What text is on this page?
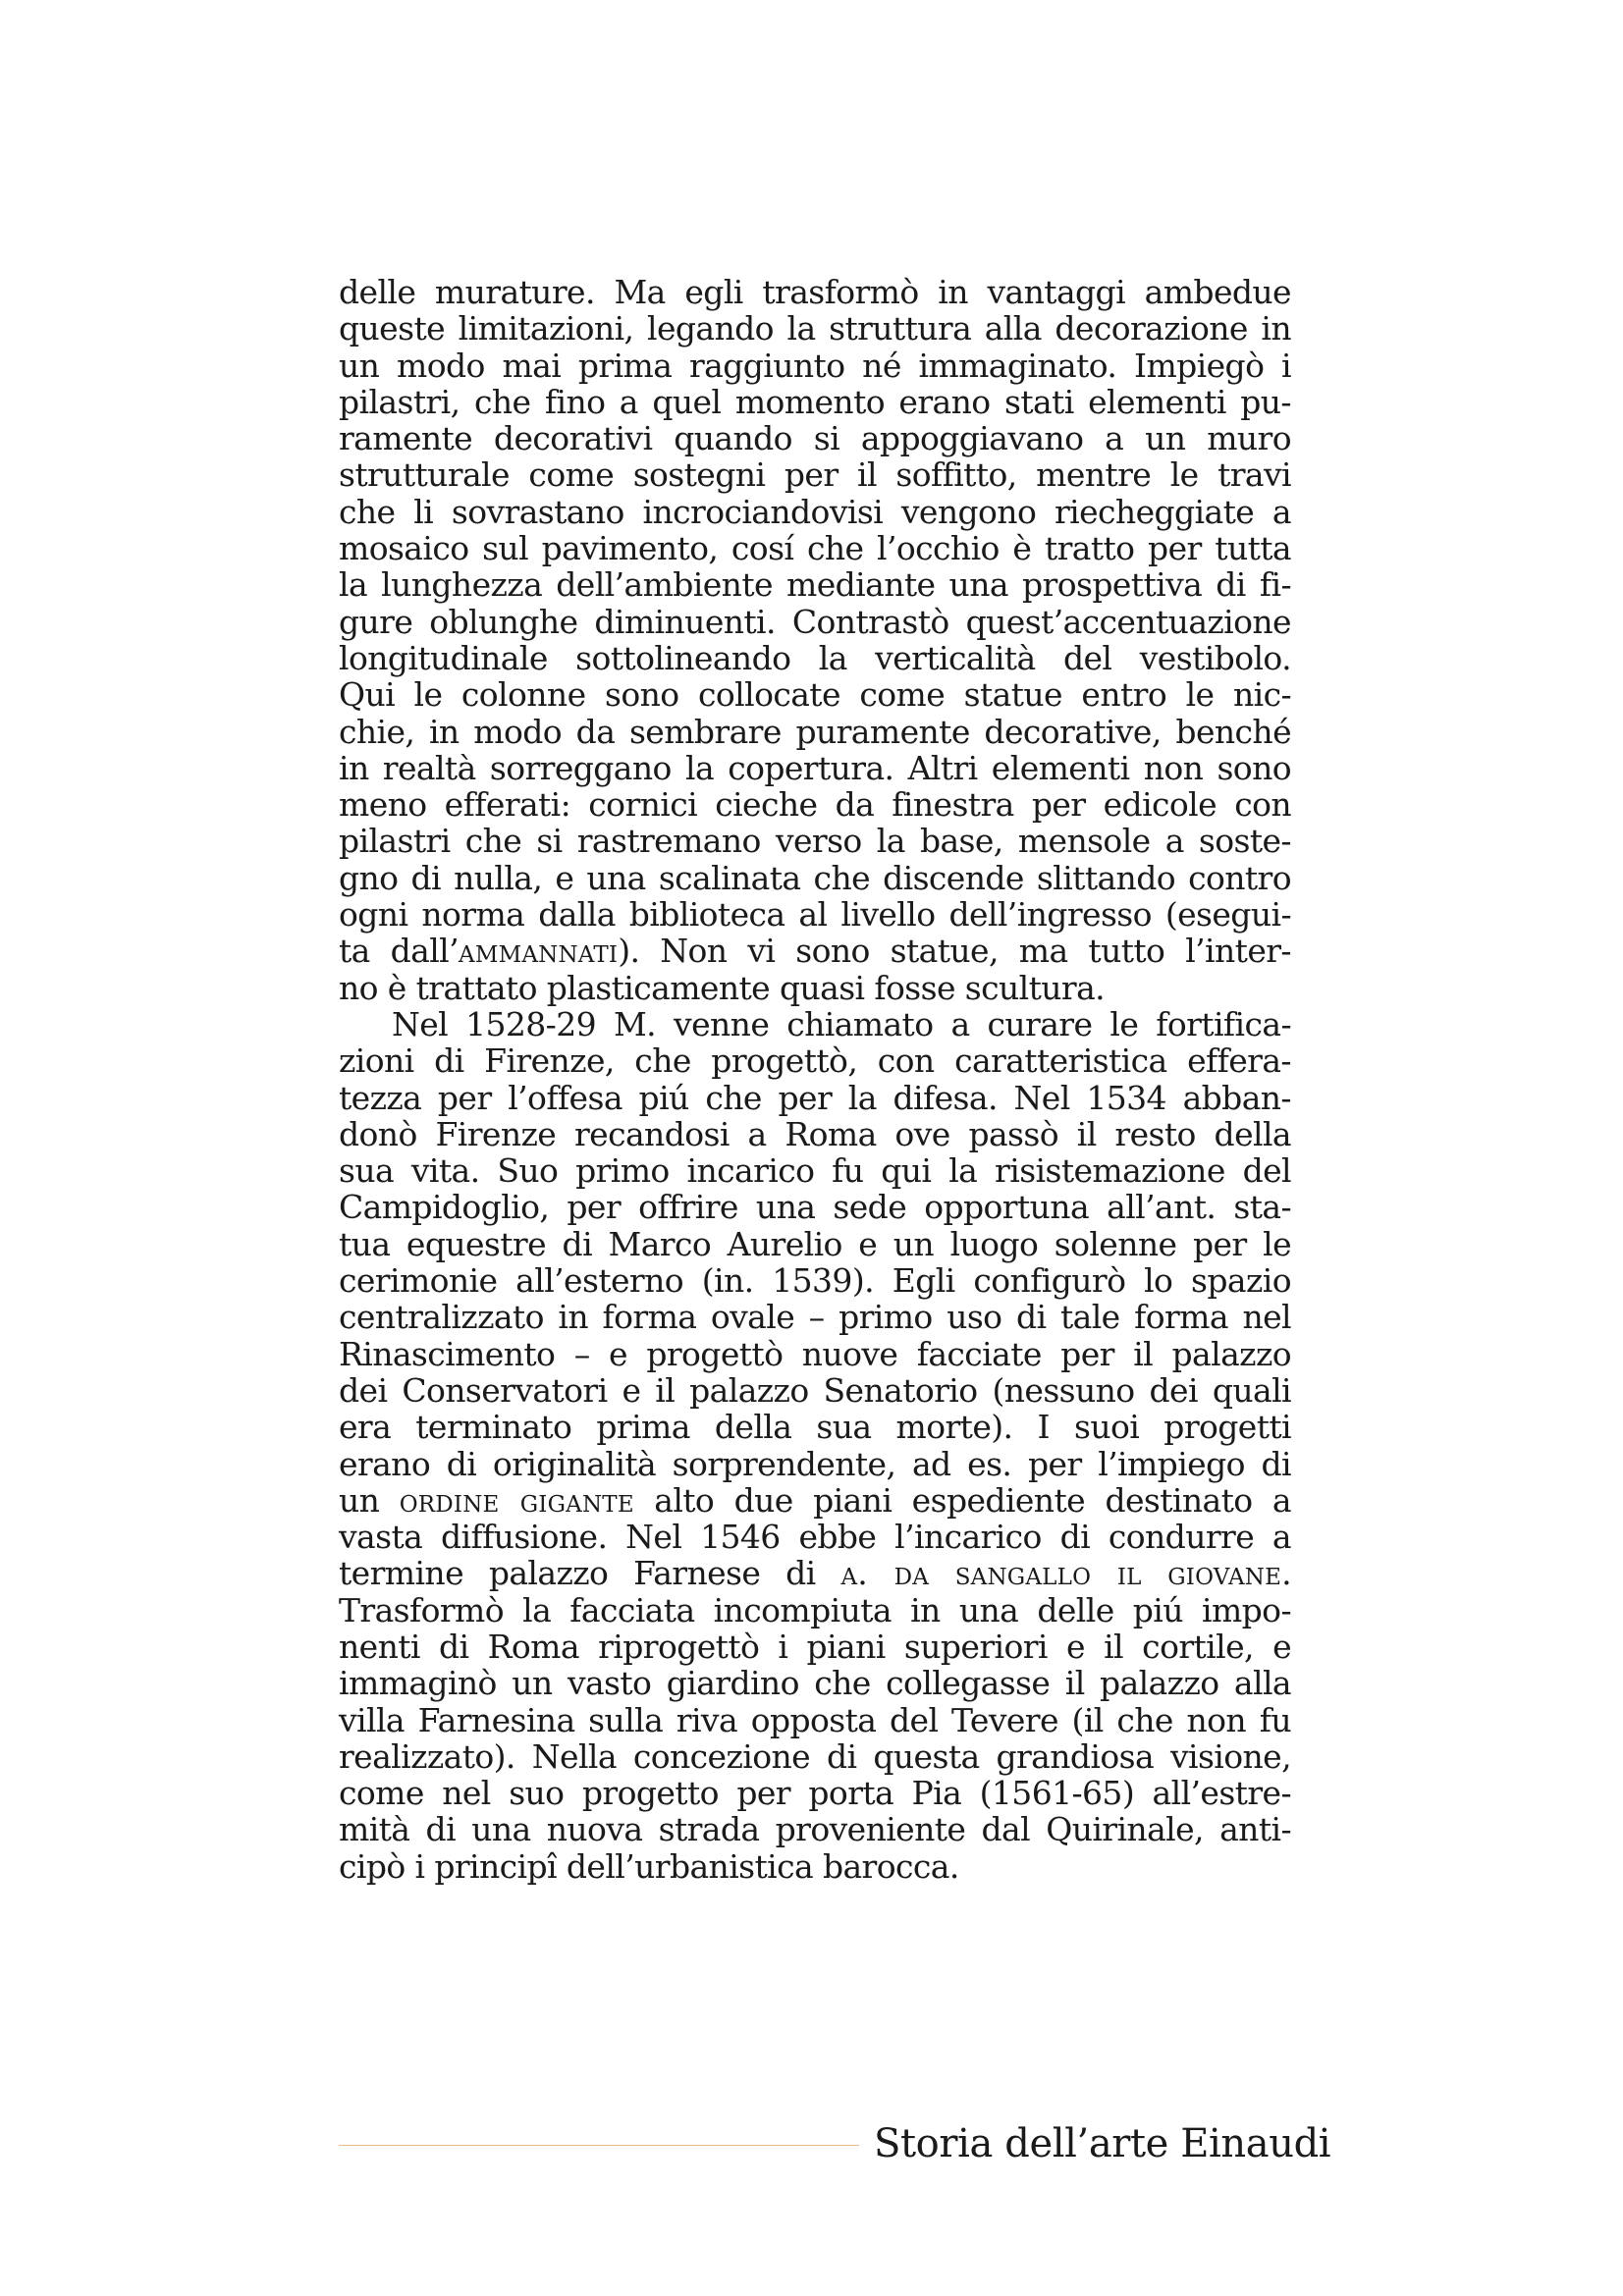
delle murature. Ma egli trasformò in vantaggi ambedue
queste limitazioni, legando la struttura alla decorazione in
un modo mai prima raggiunto né immaginato. Impiegò i
pilastri, che fino a quel momento erano stati elementi pu-
ramente decorativi quando si appoggiavano a un muro
strutturale come sostegni per il soffitto, mentre le travi
che li sovrastano incrociandovisi vengono riecheggiate a
mosaico sul pavimento, cosí che l’occhio è tratto per tutta
la lunghezza dell’ambiente mediante una prospettiva di fi-
gure oblunghe diminuenti. Contrastò quest’accentuazione
longitudinale sottolineando la verticalità del vestibolo.
Qui le colonne sono collocate come statue entro le nic-
chie, in modo da sembrare puramente decorative, benché
in realtà sorreggano la copertura. Altri elementi non sono
meno efferati: cornici cieche da finestra per edicole con
pilastri che si rastremano verso la base, mensole a soste-
gno di nulla, e una scalinata che discende slittando contro
ogni norma dalla biblioteca al livello dell’ingresso (esegui-
ta dall’ammannati). Non vi sono statue, ma tutto l’inter-
no è trattato plasticamente quasi fosse scultura.
Nel 1528-29 M. venne chiamato a curare le fortifica-
zioni di Firenze, che progettò, con caratteristica effera-
tezza per l’offesa piú che per la difesa. Nel 1534 abban-
donò Firenze recandosi a Roma ove passò il resto della
sua vita. Suo primo incarico fu qui la risistemazione del
Campidoglio, per offrire una sede opportuna all’ant. sta-
tua equestre di Marco Aurelio e un luogo solenne per le
cerimonie all’esterno (in. 1539). Egli configurò lo spazio
centralizzato in forma ovale – primo uso di tale forma nel
Rinascimento – e progettò nuove facciate per il palazzo
dei Conservatori e il palazzo Senatorio (nessuno dei quali
era terminato prima della sua morte). I suoi progetti
erano di originalità sorprendente, ad es. per l’impiego di
un ordine gigante alto due piani espediente destinato a
vasta diffusione. Nel 1546 ebbe l’incarico di condurre a
termine palazzo Farnese di a. da sangallo il giovane.
Trasformò la facciata incompiuta in una delle piú impo-
nenti di Roma riprogettò i piani superiori e il cortile, e
immaginò un vasto giardino che collegasse il palazzo alla
villa Farnesina sulla riva opposta del Tevere (il che non fu
realizzato). Nella concezione di questa grandiosa visione,
come nel suo progetto per porta Pia (1561-65) all’estre-
mità di una nuova strada proveniente dal Quirinale, anti-
cipò i principî dell’urbanistica barocca.
Storia dell’arte Einaudi
